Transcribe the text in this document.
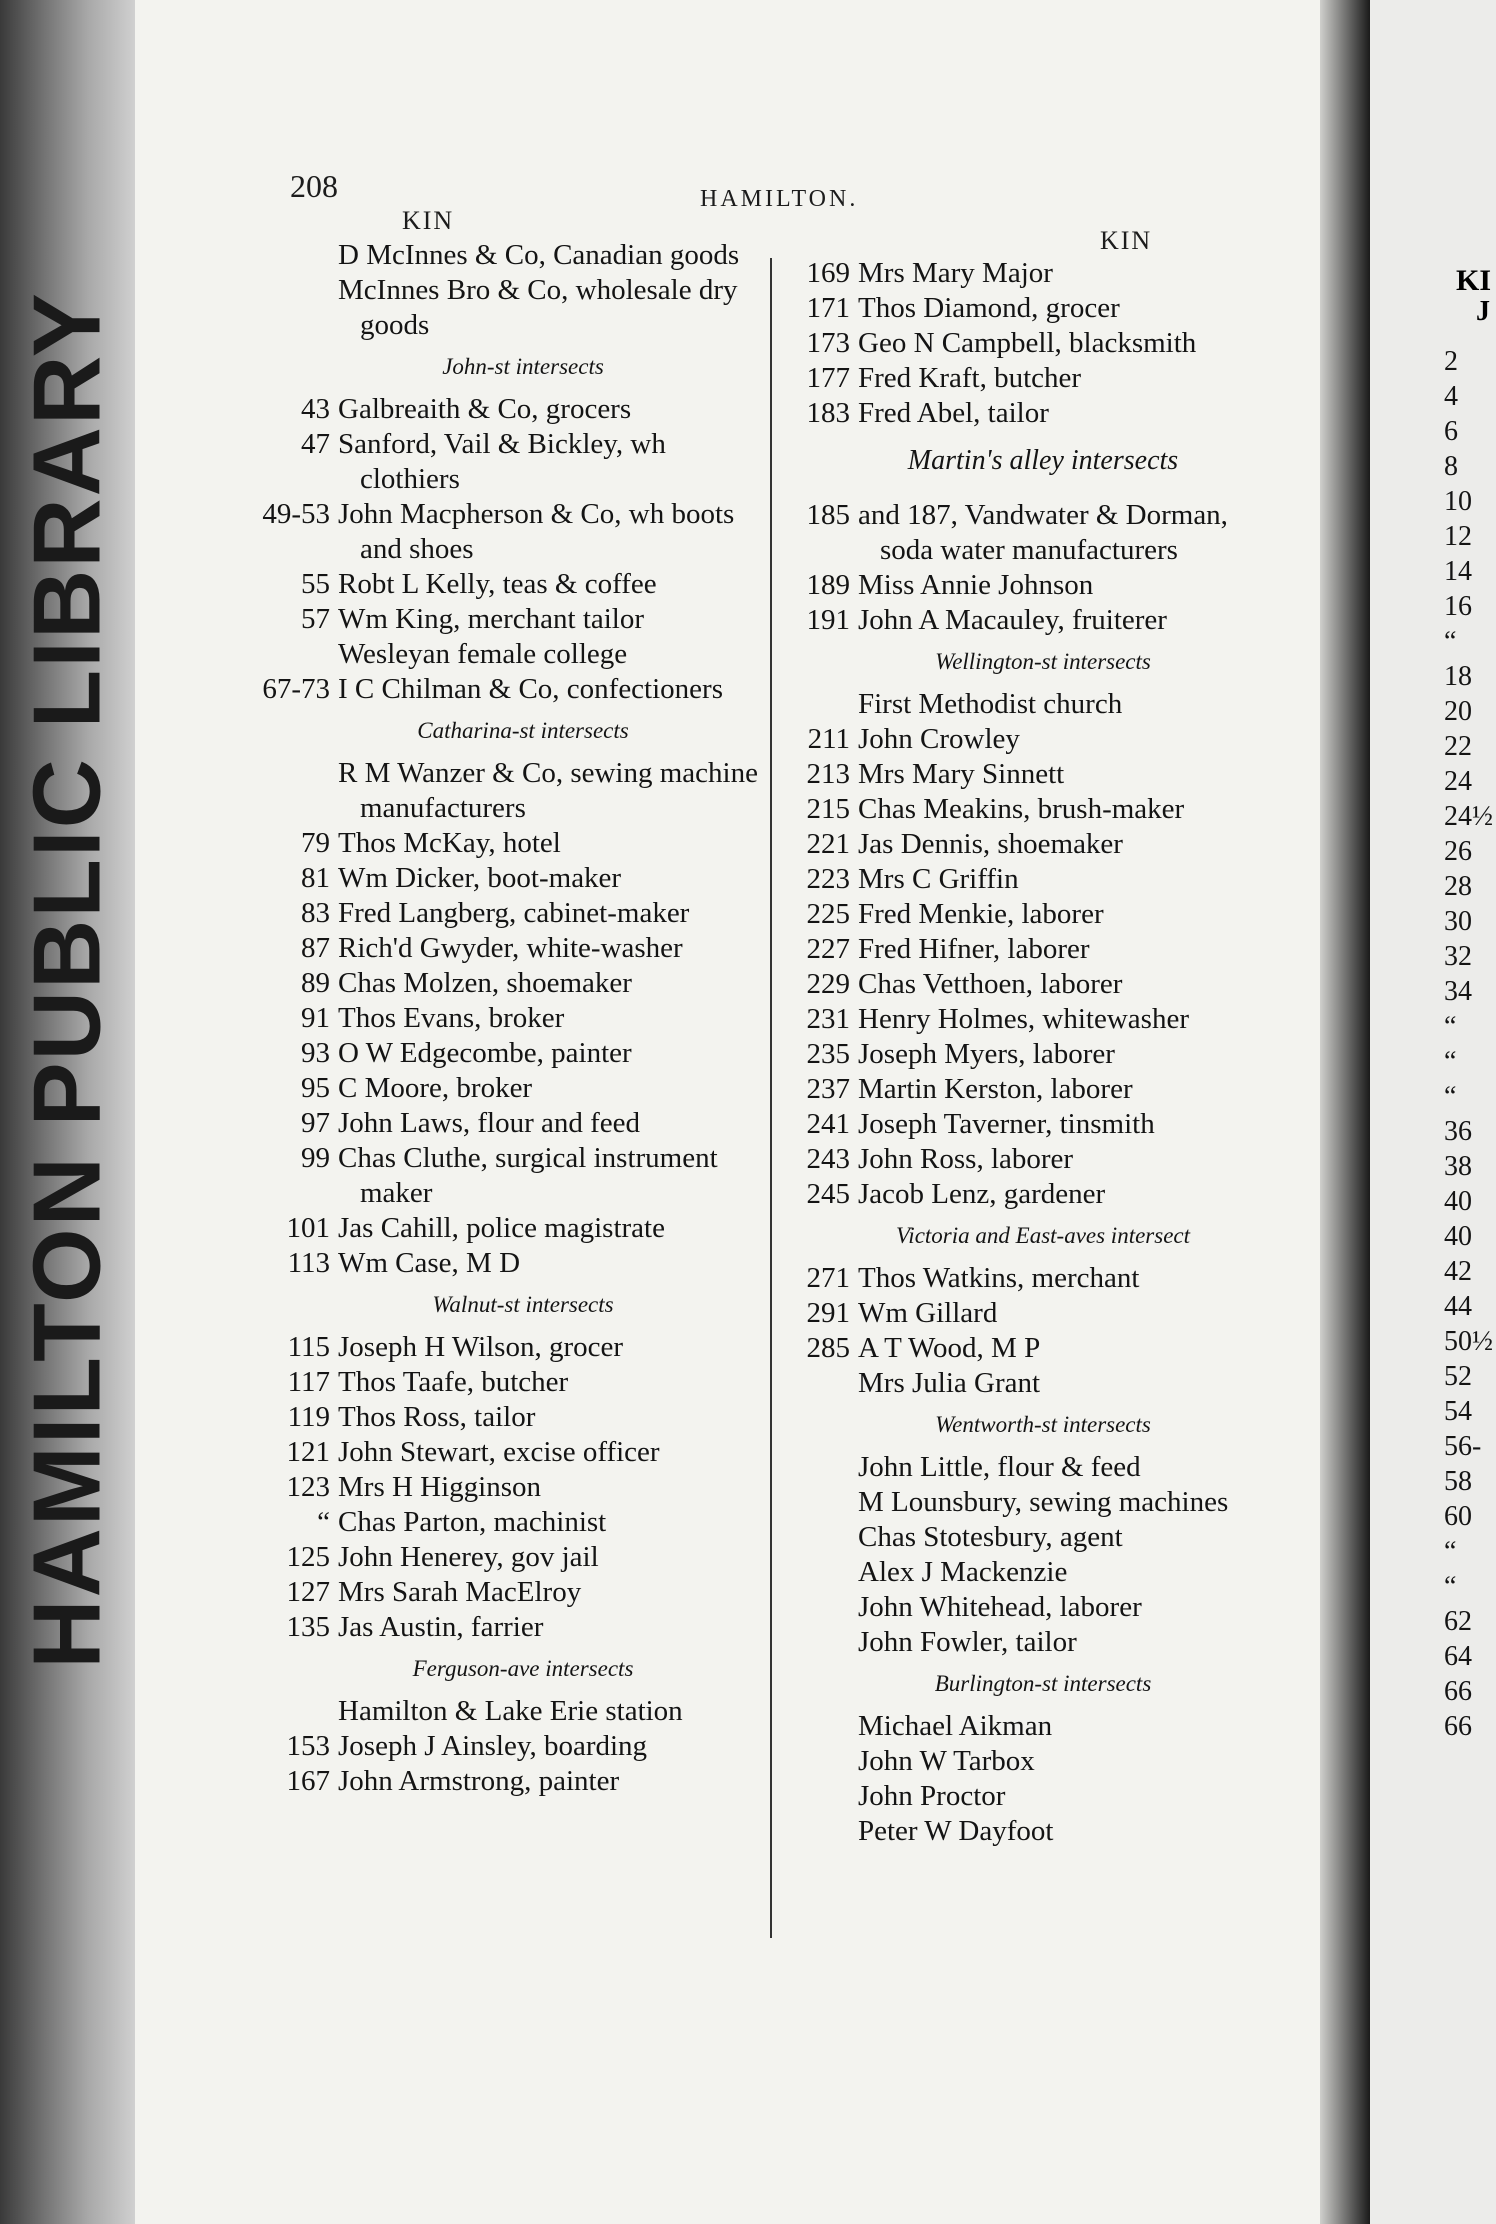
HAMILTON PUBLIC LIBRARY
KI
J
2
4
6
8
10
12
14
16
“
18
20
22
24
24½
26
28
30
32
34
“
“
“
36
38
40
40
42
44
50½
52
54
56-58
60
“
“
62
64
66
66
208	HAMILTON.
KIN
KIN
D McInnes & Co, Canadian goods
McInnes Bro & Co, wholesale dry goods
John-st intersects
43 Galbreaith & Co, grocers
47 Sanford, Vail & Bickley, wh clothiers
49-53 John Macpherson & Co, wh boots and shoes
55 Robt L Kelly, teas & coffee
57 Wm King, merchant tailor
Wesleyan female college
67-73 I C Chilman & Co, confectioners
Catharina-st intersects
R M Wanzer & Co, sewing machine manufacturers
79 Thos McKay, hotel
81 Wm Dicker, boot-maker
83 Fred Langberg, cabinet-maker
87 Rich'd Gwyder, white-washer
89 Chas Molzen, shoemaker
91 Thos Evans, broker
93 O W Edgecombe, painter
95 C Moore, broker
97 John Laws, flour and feed
99 Chas Cluthe, surgical instrument maker
101 Jas Cahill, police magistrate
113 Wm Case, M D
Walnut-st intersects
115 Joseph H Wilson, grocer
117 Thos Taafe, butcher
119 Thos Ross, tailor
121 John Stewart, excise officer
123 Mrs H Higginson
“ Chas Parton, machinist
125 John Henerey, gov jail
127 Mrs Sarah MacElroy
135 Jas Austin, farrier
Ferguson-ave intersects
Hamilton & Lake Erie station
153 Joseph J Ainsley, boarding
167 John Armstrong, painter
169 Mrs Mary Major
171 Thos Diamond, grocer
173 Geo N Campbell, blacksmith
177 Fred Kraft, butcher
183 Fred Abel, tailor
Martin's alley intersects
185 and 187, Vandwater & Dorman, soda water manufacturers
189 Miss Annie Johnson
191 John A Macauley, fruiterer
Wellington-st intersects
First Methodist church
211 John Crowley
213 Mrs Mary Sinnett
215 Chas Meakins, brush-maker
221 Jas Dennis, shoemaker
223 Mrs C Griffin
225 Fred Menkie, laborer
227 Fred Hifner, laborer
229 Chas Vetthoen, laborer
231 Henry Holmes, whitewasher
235 Joseph Myers, laborer
237 Martin Kerston, laborer
241 Joseph Taverner, tinsmith
243 John Ross, laborer
245 Jacob Lenz, gardener
Victoria and East-aves intersect
271 Thos Watkins, merchant
291 Wm Gillard
285 A T Wood, M P
Mrs Julia Grant
Wentworth-st intersects
John Little, flour & feed
M Lounsbury, sewing machines
Chas Stotesbury, agent
Alex J Mackenzie
John Whitehead, laborer
John Fowler, tailor
Burlington-st intersects
Michael Aikman
John W Tarbox
John Proctor
Peter W Dayfoot
